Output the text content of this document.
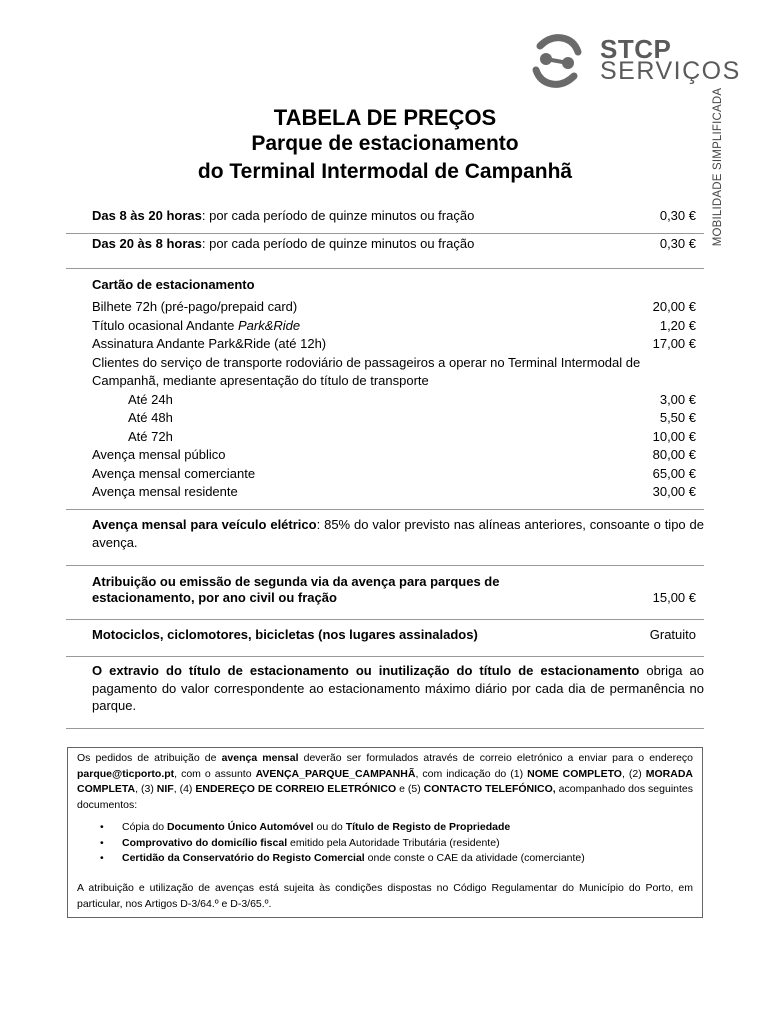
STCP
SERVIÇOS
MOBILIDADE SIMPLIFICADA
TABELA DE PREÇOS
Parque de estacionamento
do Terminal Intermodal de Campanhã
Das 8 às 20 horas: por cada período de quinze minutos ou fração	0,30 €
Das 20 às 8 horas: por cada período de quinze minutos ou fração	0,30 €
Cartão de estacionamento
Bilhete 72h (pré-pago/prepaid card)	20,00 €
Título ocasional Andante Park&Ride	1,20 €
Assinatura Andante Park&Ride (até 12h)	17,00 €
Clientes do serviço de transporte rodoviário de passageiros a operar no Terminal Intermodal de
Campanhã, mediante apresentação do título de transporte
Até 24h	3,00 €
Até 48h	5,50 €
Até 72h	10,00 €
Avença mensal público	80,00 €
Avença mensal comerciante	65,00 €
Avença mensal residente	30,00 €
Avença mensal para veículo elétrico: 85% do valor previsto nas alíneas anteriores, consoante o tipo de avença.
Atribuição ou emissão de segunda via da avença para parques de
estacionamento, por ano civil ou fração	15,00 €
Motociclos, ciclomotores, bicicletas (nos lugares assinalados)	Gratuito
O extravio do título de estacionamento ou inutilização do título de estacionamento obriga ao pagamento do valor correspondente ao estacionamento máximo diário por cada dia de permanência no parque.
Os pedidos de atribuição de avença mensal deverão ser formulados através de correio eletrónico a enviar para o endereço parque@ticporto.pt, com o assunto AVENÇA_PARQUE_CAMPANHÃ, com indicação do (1) NOME COMPLETO, (2) MORADA COMPLETA, (3) NIF, (4) ENDEREÇO DE CORREIO ELETRÓNICO e (5) CONTACTO TELEFÓNICO, acompanhado dos seguintes documentos:
• Cópia do Documento Único Automóvel ou do Título de Registo de Propriedade
• Comprovativo do domicílio fiscal emitido pela Autoridade Tributária (residente)
• Certidão da Conservatório do Registo Comercial onde conste o CAE da atividade (comerciante)
A atribuição e utilização de avenças está sujeita às condições dispostas no Código Regulamentar do Município do Porto, em particular, nos Artigos D-3/64.º e D-3/65.º.
